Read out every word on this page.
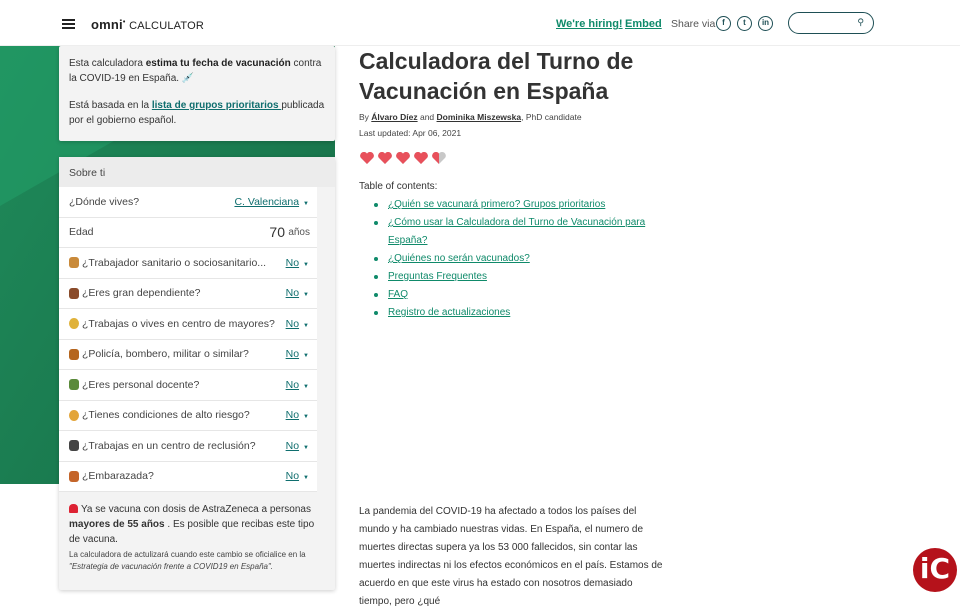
omni• CALCULATOR	We're hiring! Embed Share via f	t	in	⚲

Esta calculadora estima tu fecha de vacunación contra la COVID-19 en España. 💉

Está basada en la lista de grupos prioritarios publicada por el gobierno español.

Sobre ti
¿Dónde vives?	C. Valenciana ▼
Edad	70 años
¿Trabajador sanitario o sociosanitario... No ▼
¿Eres gran dependiente?	No ▼
¿Trabajas o vives en centro de mayores? No ▼
¿Policía, bombero, militar o similar?	No ▼
¿Eres personal docente?	No ▼
¿Tienes condiciones de alto riesgo?	No ▼
¿Trabajas en un centro de reclusión?	No ▼
¿Embarazada?	No ▼
Ya se vacuna con dosis de AstraZeneca a personas mayores de 55 años . Es posible que recibas este tipo de vacuna.
La calculadora de actulizará cuando este cambio se oficialice en la
"Estrategia de vacunación frente a COVID19 en España".
Calculadora del Turno de Vacunación en España
By Álvaro Díez and Dominika Miszewska, PhD candidate
Last updated: Apr 06, 2021
Table of contents:
¿Quién se vacunará primero? Grupos prioritarios
¿Cómo usar la Calculadora del Turno de Vacunación para España?
¿Quiénes no serán vacunados?
Preguntas Frequentes
FAQ
Registro de actualizaciones

La pandemia del COVID-19 ha afectado a todos los países del mundo y ha cambiado nuestras vidas. En España, el numero de muertes directas supera ya los 53 000 fallecidos, sin contar las muertes indirectas ni los efectos económicos en el país. Estamos de acuerdo en que este virus ha estado con nosotros demasiado tiempo, pero ¿qué

iC
